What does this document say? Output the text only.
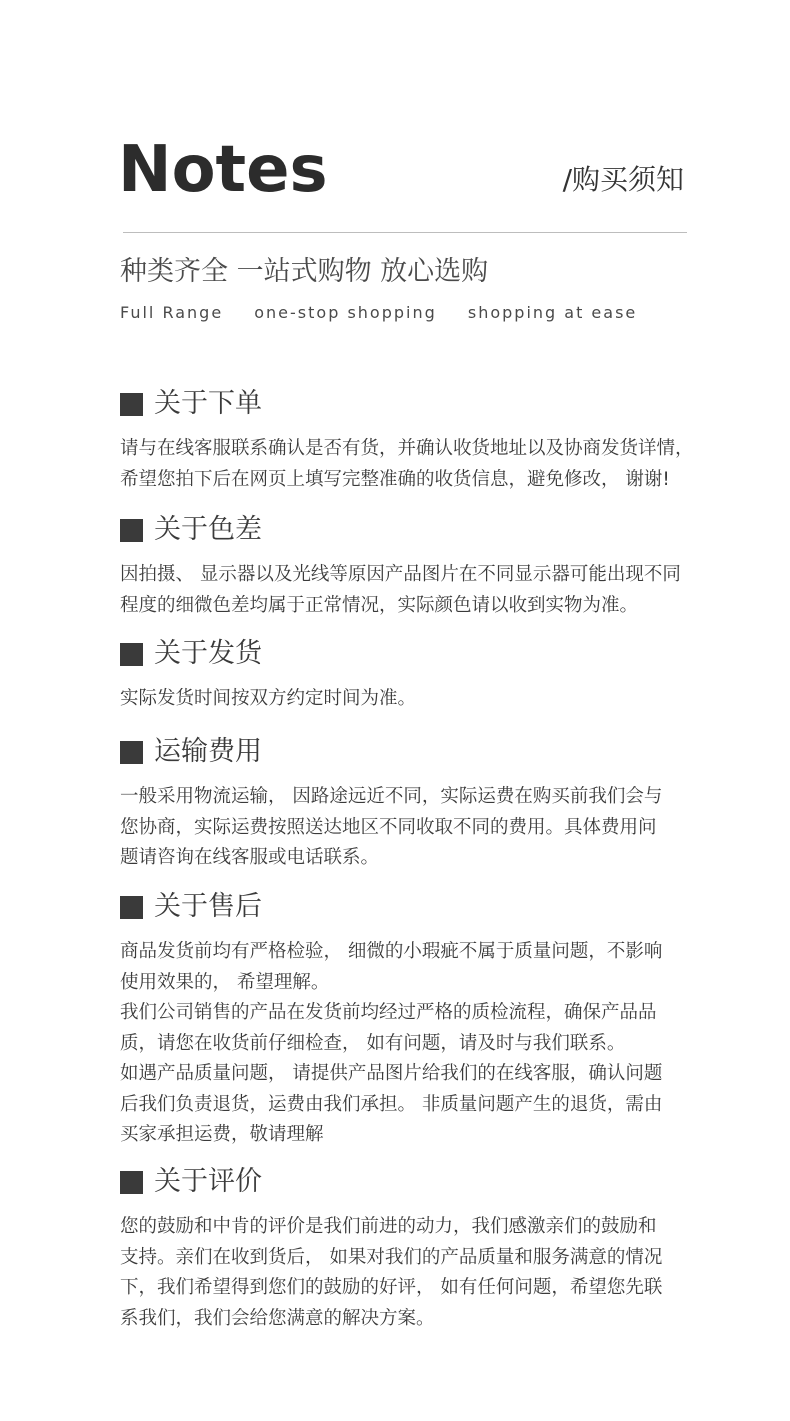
Notes	/购买须知
种类齐全 一站式购物 放心选购
Full Range one-stop shopping shopping at ease
关于下单
请与在线客服联系确认是否有货，并确认收货地址以及协商发货详情，
希望您拍下后在网页上填写完整准确的收货信息，避免修改， 谢谢!
关于色差
因拍摄、 显示器以及光线等原因产品图片在不同显示器可能出现不同
程度的细微色差均属于正常情况，实际颜色请以收到实物为准。
关于发货
实际发货时间按双方约定时间为准。
运输费用
一般采用物流运输， 因路途远近不同，实际运费在购买前我们会与
您协商，实际运费按照送达地区不同收取不同的费用。具体费用问
题请咨询在线客服或电话联系。
关于售后
商品发货前均有严格检验， 细微的小瑕疵不属于质量问题，不影响
使用效果的， 希望理解。
我们公司销售的产品在发货前均经过严格的质检流程，确保产品品
质，请您在收货前仔细检查， 如有问题，请及时与我们联系。
如遇产品质量问题， 请提供产品图片给我们的在线客服，确认问题
后我们负责退货，运费由我们承担。 非质量问题产生的退货，需由
买家承担运费，敬请理解
关于评价
您的鼓励和中肯的评价是我们前进的动力，我们感激亲们的鼓励和
支持。亲们在收到货后， 如果对我们的产品质量和服务满意的情况
下，我们希望得到您们的鼓励的好评， 如有任何问题，希望您先联
系我们，我们会给您满意的解决方案。
